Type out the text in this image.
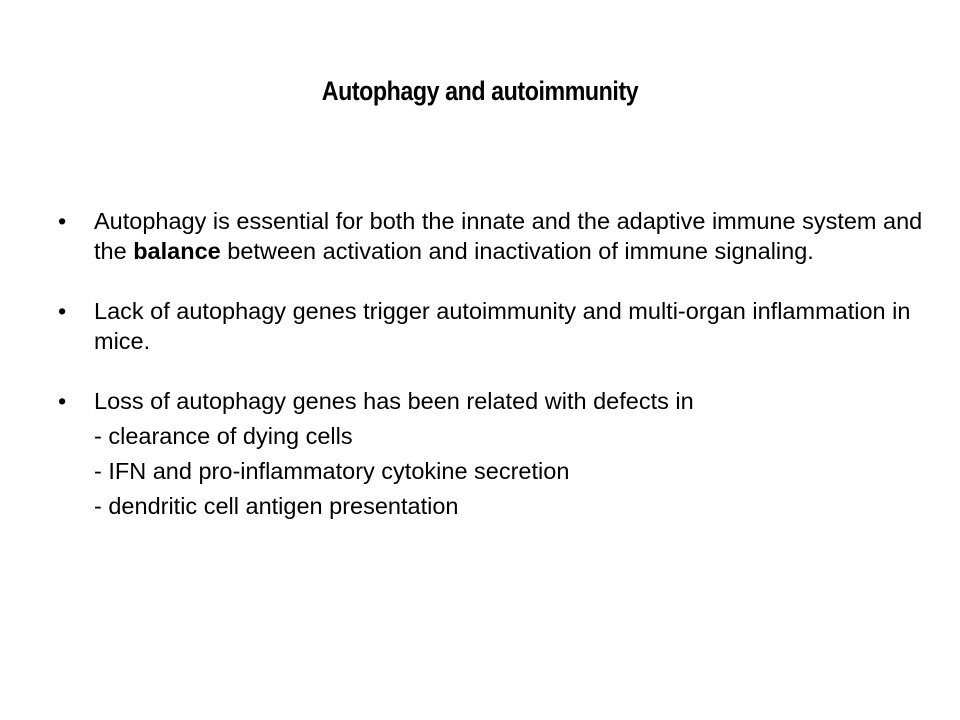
Autophagy and autoimmunity
•	Autophagy is essential for both the innate and the adaptive immune system and the balance between activation and inactivation of immune signaling.
•	Lack of autophagy genes trigger autoimmunity and multi-organ inflammation in mice.
•	Loss of autophagy genes has been related with defects in
- clearance of dying cells
- IFN and pro-inflammatory cytokine secretion
- dendritic cell antigen presentation
